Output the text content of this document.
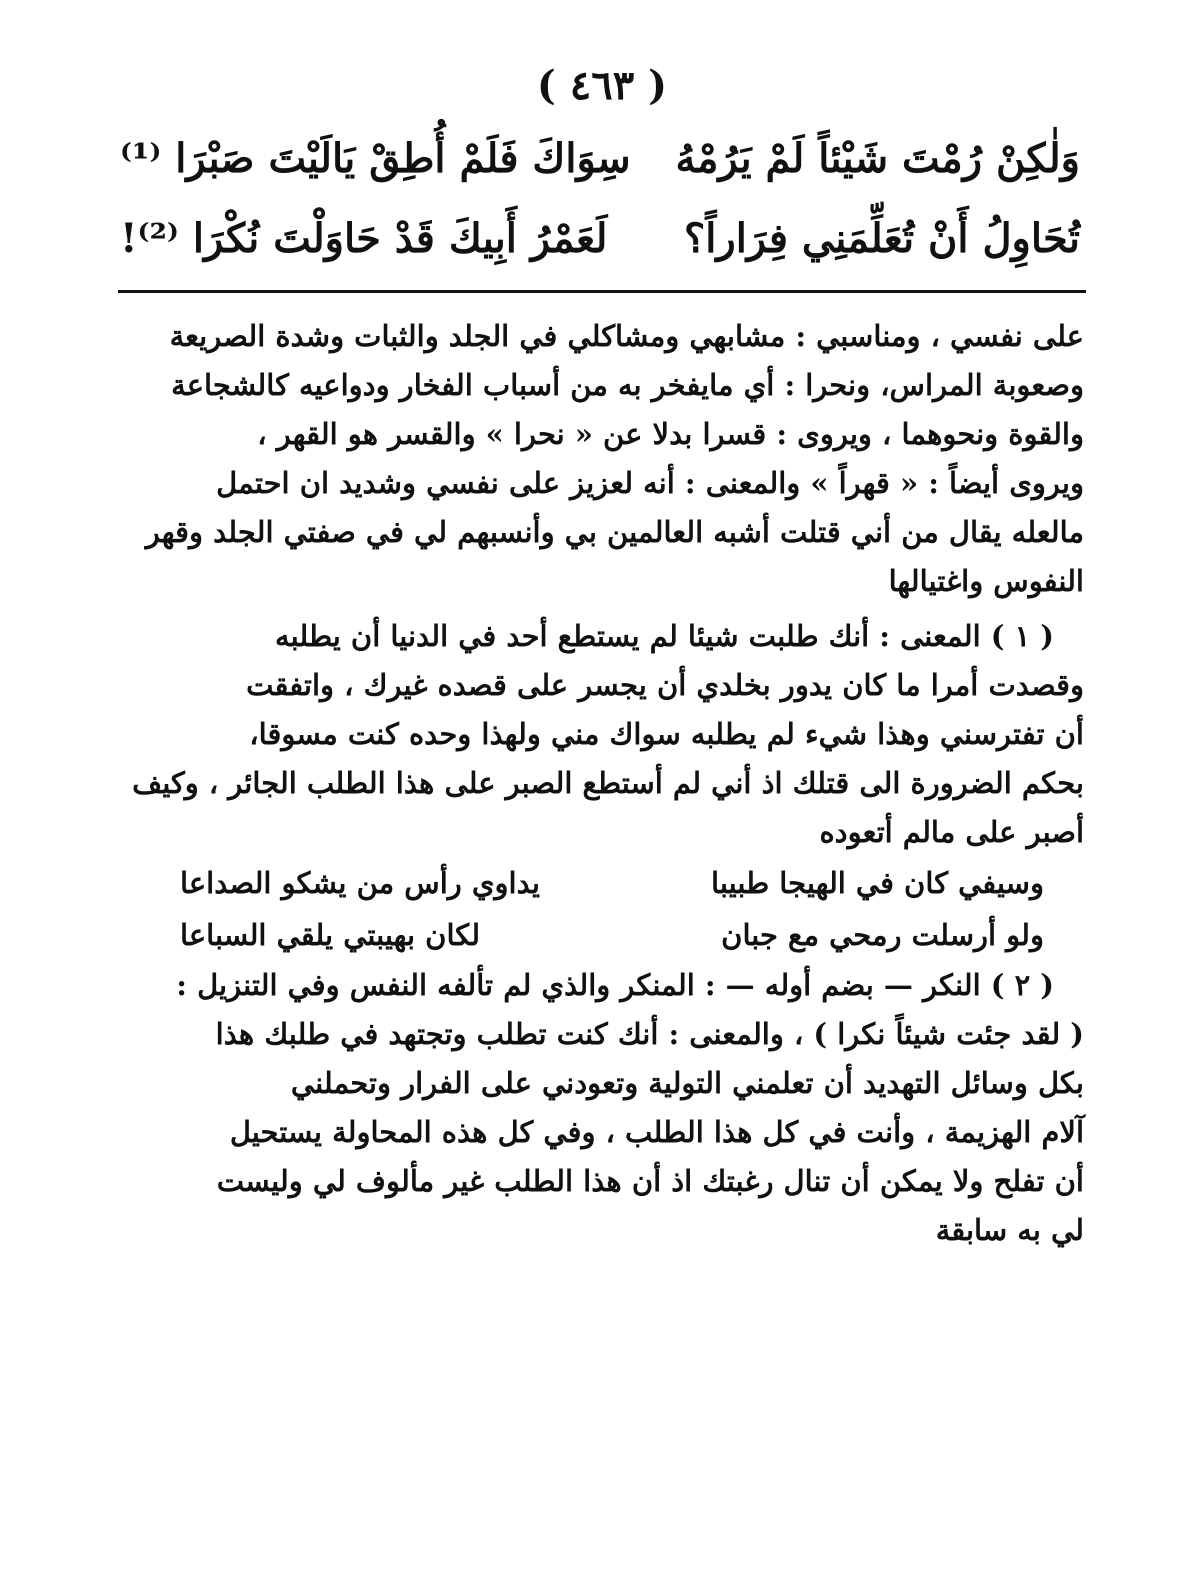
( ٤٦٣ )
وَلٰكِنْ رُمْتَ شَيْئاً لَمْ يَرُمْهُ
سِوَاكَ فَلَمْ أُطِقْ يَالَيْتَ صَبْرَا ⁽¹⁾
تُحَاوِلُ أَنْ تُعَلِّمَنِي فِرَاراً؟
لَعَمْرُ أَبِيكَ قَدْ حَاوَلْتَ نُكْرَا ⁽²⁾!
على نفسي ، ومناسبي : مشابهي ومشاكلي في الجلد والثبات وشدة الصريعة
وصعوبة المراس، ونحرا : أي مايفخر به من أسباب الفخار ودواعيه كالشجاعة
والقوة ونحوهما ، ويروى : قسرا بدلا عن « نحرا » والقسر هو القهر ،
ويروى أيضاً : « قهراً » والمعنى : أنه لعزيز على نفسي وشديد ان احتمل
مالعله يقال من أني قتلت أشبه العالمين بي وأنسبهم لي في صفتي الجلد وقهر
النفوس واغتيالها
( ١ ) المعنى : أنك طلبت شيئا لم يستطع أحد في الدنيا أن يطلبه
وقصدت أمرا ما كان يدور بخلدي أن يجسر على قصده غيرك ، واتفقت
أن تفترسني وهذا شيء لم يطلبه سواك مني ولهذا وحده كنت مسوقا،
بحكم الضرورة الى قتلك اذ أني لم أستطع الصبر على هذا الطلب الجائر ، وكيف
أصبر على مالم أتعوده
وسيفي كان في الهيجا طبيبا
يداوي رأس من يشكو الصداعا
ولو أرسلت رمحي مع جبان
لكان بهيبتي يلقي السباعا
( ٢ ) النكر — بضم أوله — : المنكر والذي لم تألفه النفس وفي التنزيل :
( لقد جئت شيئاً نكرا ) ، والمعنى : أنك كنت تطلب وتجتهد في طلبك هذا
بكل وسائل التهديد أن تعلمني التولية وتعودني على الفرار وتحملني
آلام الهزيمة ، وأنت في كل هذا الطلب ، وفي كل هذه المحاولة يستحيل
أن تفلح ولا يمكن أن تنال رغبتك اذ أن هذا الطلب غير مألوف لي وليست
لي به سابقة
